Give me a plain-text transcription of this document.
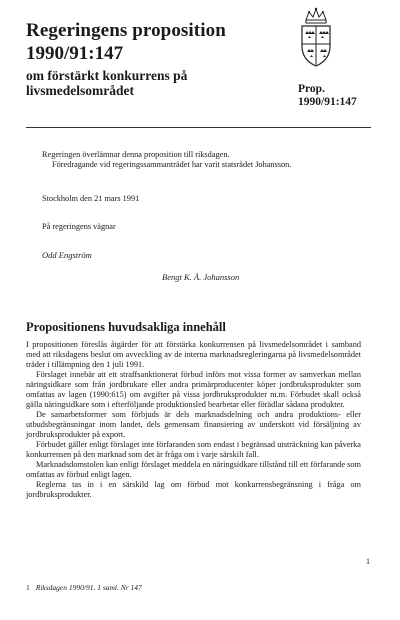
Regeringens proposition
1990/91:147
om förstärkt konkurrens på
livsmedelsområdet	Prop.
1990/91:147

Regeringen överlämnar denna proposition till riksdagen.

Föredragande vid regeringssammanträdet har varit statsrådet Johansson.

Stockholm den 21 mars 1991
På regeringens vägnar
Odd Engström
Bengt K. Å. Johansson
Propositionens huvudsakliga innehåll

I propositionen föreslås åtgärder för att förstärka konkurrensen på livsmedelsområdet i samband med att riksdagens beslut om avveckling av de interna marknadsregleringarna på livsmedelsområdet träder i tillämpning den 1 juli 1991.

Förslaget innebär att ett straffsanktionerat förbud införs mot vissa former av samverkan mellan näringsidkare som från jordbrukare eller andra primärproducenter köper jordbruksprodukter som omfattas av lagen (1990:615) om avgifter på vissa jordbruksprodukter m.m. Förbudet skall också gälla näringsidkare som i efterföljande produktionsled bearbetar eller förädlar sådana produkter.

De samarbetsformer som förbjuds är dels marknadsdelning och andra produktions- eller utbudsbegränsningar inom landet, dels gemensam finansiering av underskott vid försäljning av jordbruksprodukter på export.

Förbudet gäller enligt förslaget inte förfaranden som endast i begränsad utsträckning kan påverka konkurrensen på den marknad som det är fråga om i varje särskilt fall.

Marknadsdomstolen kan enligt förslaget meddela en näringsidkare tillstånd till ett förfarande som omfattas av förbud enligt lagen.

Reglerna tas in i en särskild lag om förbud mot konkurrensbegränsning i fråga om jordbruksprodukter.

1
1 Riksdagen 1990/91. 1 saml. Nr 147
